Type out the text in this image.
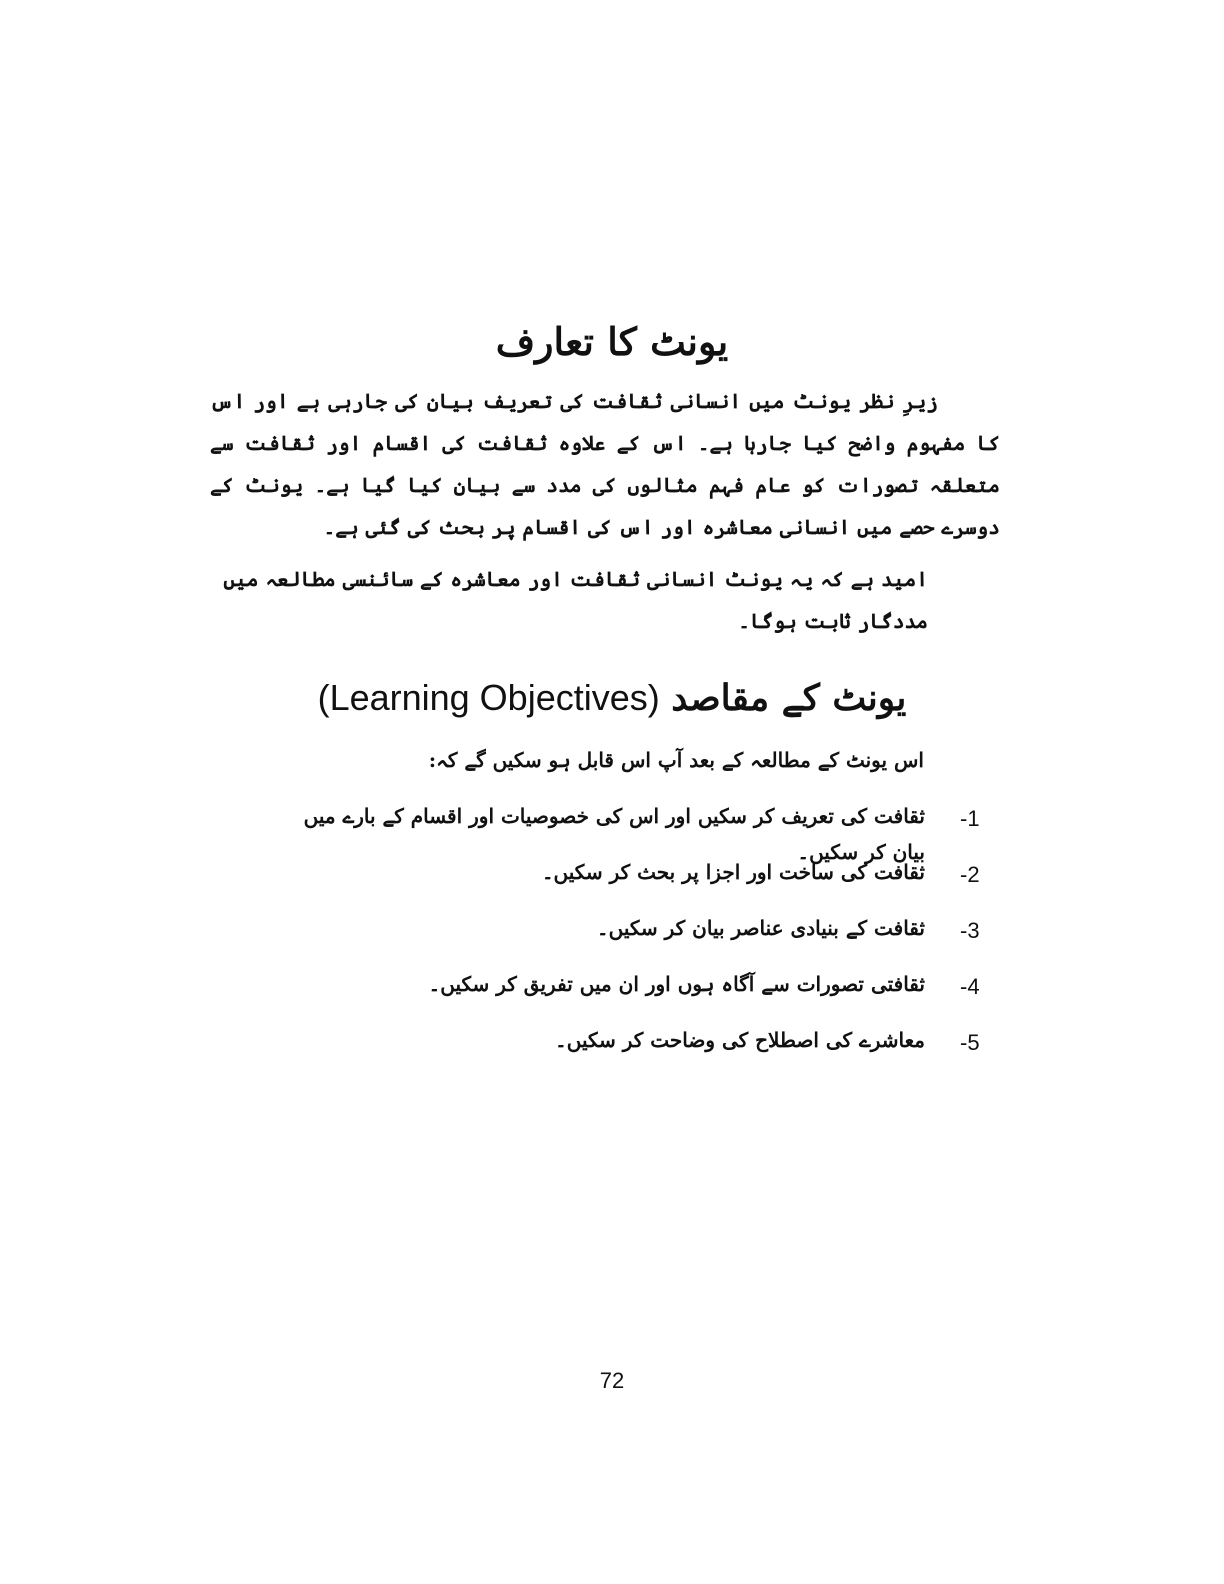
یونٹ کا تعارف

زیرِ نظر یونٹ میں انسانی ثقافت کی تعریف بیان کی جارہی ہے اور اس کا مفہوم واضح کیا جارہا ہے۔ اس کے علاوہ ثقافت کی اقسام اور ثقافت سے متعلقہ تصورات کو عام فہم مثالوں کی مدد سے بیان کیا گیا ہے۔ یونٹ کے دوسرے حصے میں انسانی معاشرہ اور اس کی اقسام پر بحث کی گئی ہے۔

امید ہے کہ یہ یونٹ انسانی ثقافت اور معاشرہ کے سائنسی مطالعہ میں مددگار ثابت ہوگا۔

یونٹ کے مقاصد (Learning Objectives)
اس یونٹ کے مطالعہ کے بعد آپ اس قابل ہو سکیں گے کہ:
-1
ثقافت کی تعریف کر سکیں اور اس کی خصوصیات اور اقسام کے بارے میں بیان کر سکیں۔
-2
ثقافت کی ساخت اور اجزا پر بحث کر سکیں۔
-3
ثقافت کے بنیادی عناصر بیان کر سکیں۔
-4
ثقافتی تصورات سے آگاہ ہوں اور ان میں تفریق کر سکیں۔
-5
معاشرے کی اصطلاح کی وضاحت کر سکیں۔
72
